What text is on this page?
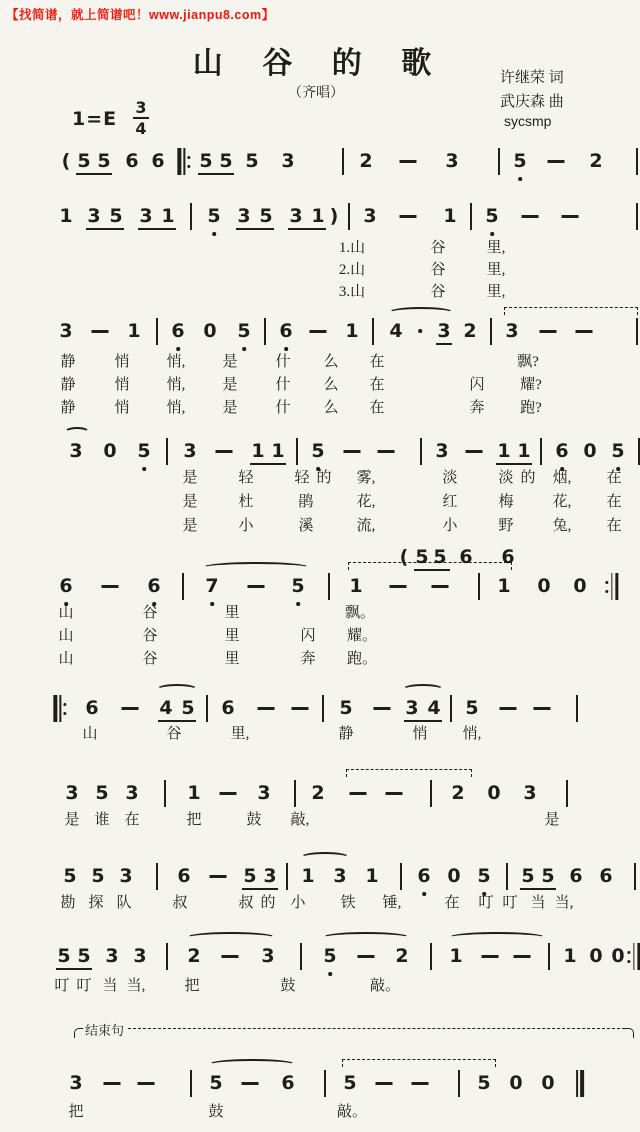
【找简谱，就上简谱吧！www.jianpu8.com】
山 谷 的 歌
（齐唱）
许继荣 词
武庆森 曲
sycsmp
1=E
3
4
结束句
( 5 5 6 6 5 5 5 3	2	3	5	2
1 3 5 3 1 5 3 5 3 1 ) 3	1 5
1.山	谷	里,
2.山	谷	里,
3.山	谷	里,
3	1 6 0 5 6	1 4 3 2 3
静	悄 悄, 是	什 么 在	飘?
静	悄 悄, 是	什 么 在	闪 耀?
静	悄 悄, 是	什 么 在	奔 跑?
3 0 5 3	1 1 5	3	1 1 6 0 5
是	轻	轻 的 雾,	淡	淡 的 烟, 在
是	杜	鹃	花,	红	梅	花, 在
是	小	溪	流,	小	野	兔, 在
( 5 5 6 6
6	6 7	5 1	1 0 0
山	谷	里	飘。
山	谷	里	闪 耀。
山	谷	里	奔 跑。
6	4 5 6	5	3 4 5
山	谷	里,	静	悄 悄,
3 5 3	1	3 2	2 0 3
是 谁 在	把	鼓 敲,	是
5 5 3 6	5 3 1 3 1 6 0 5 5 5 6 6
勘 探 队	叔	叔 的 小 铁 锤,	在 叮 叮 当 当,
5 5 3 3 2	3	5	2 1	1 0 0
叮 叮 当 当,	把	鼓	敲。
3	5	6	5	5 0 0
把	鼓	敲。
